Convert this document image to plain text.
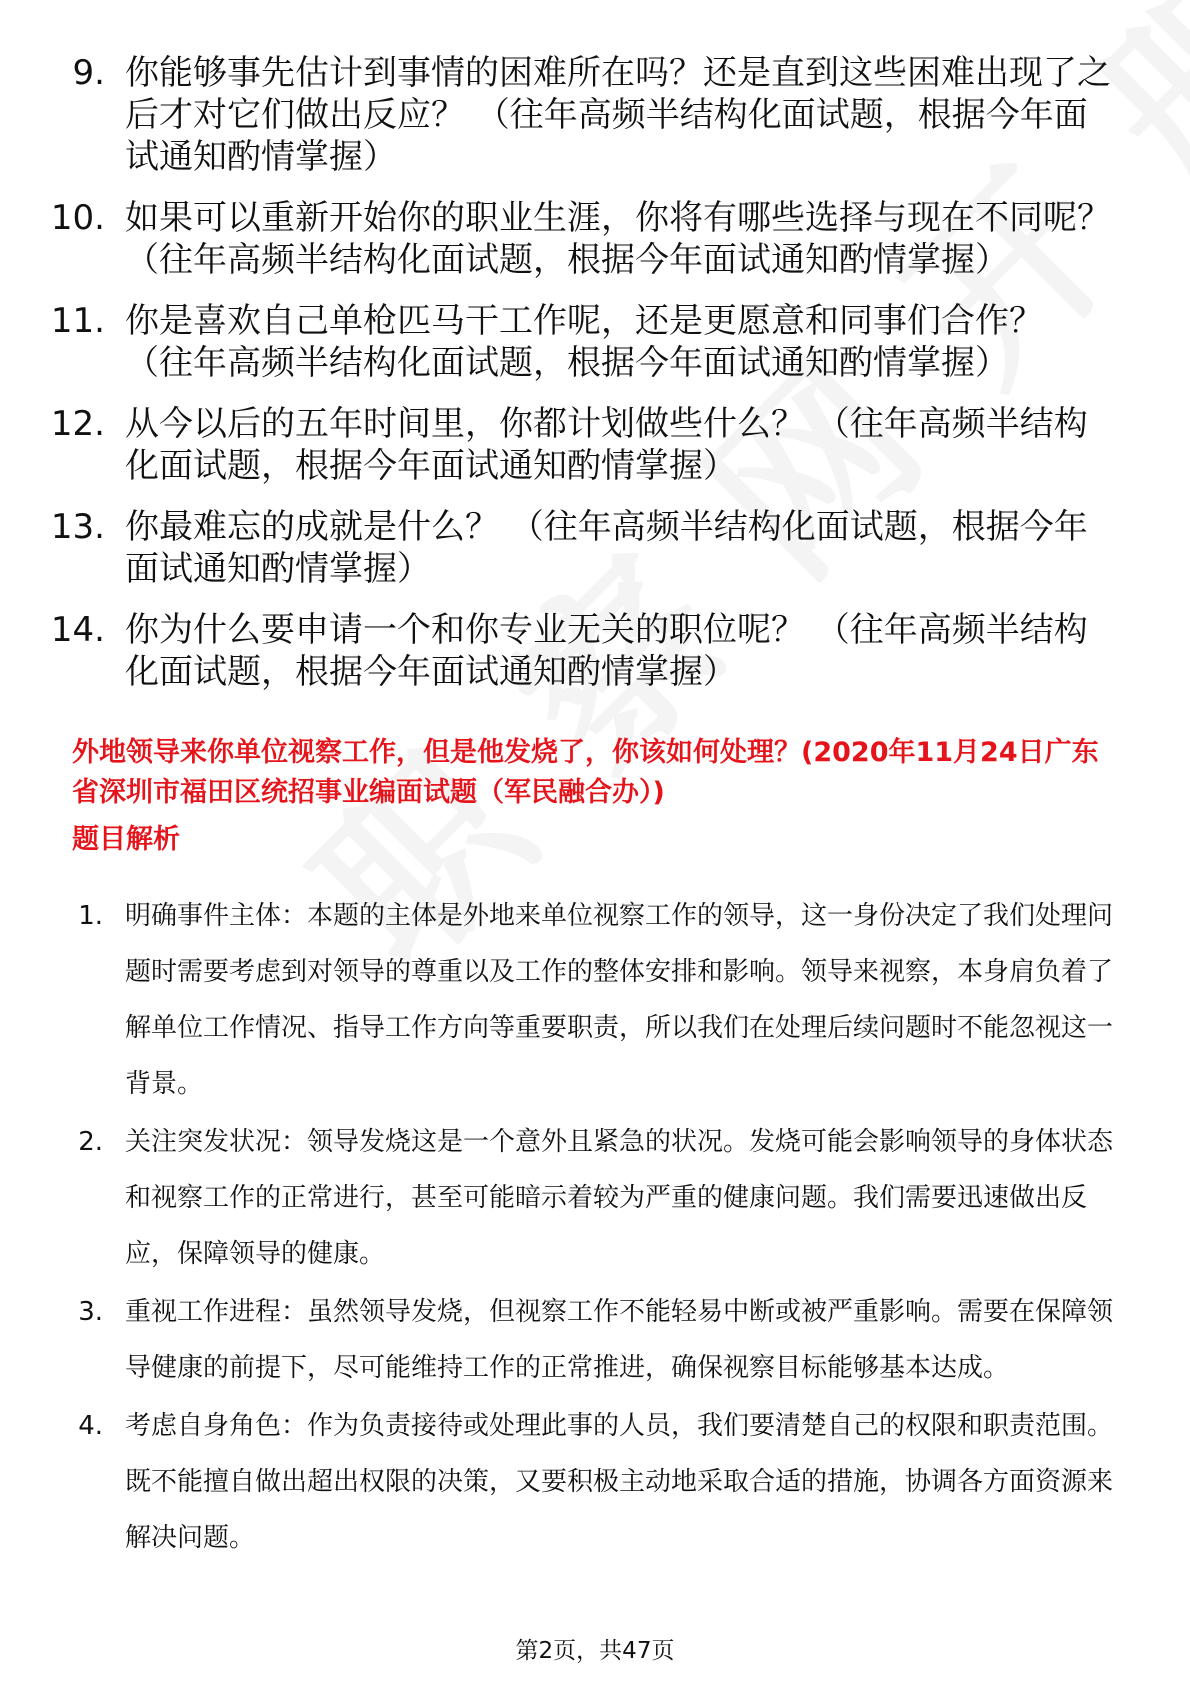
9. 你能够事先估计到事情的困难所在吗？还是直到这些困难出现了之后才对它们做出反应？ （往年高频半结构化面试题，根据今年面试通知酌情掌握）
10. 如果可以重新开始你的职业生涯，你将有哪些选择与现在不同呢？ （往年高频半结构化面试题，根据今年面试通知酌情掌握）
11. 你是喜欢自己单枪匹马干工作呢，还是更愿意和同事们合作？ （往年高频半结构化面试题，根据今年面试通知酌情掌握）
12. 从今以后的五年时间里，你都计划做些什么？ （往年高频半结构化面试题，根据今年面试通知酌情掌握）
13. 你最难忘的成就是什么？ （往年高频半结构化面试题，根据今年面试通知酌情掌握）
14. 你为什么要申请一个和你专业无关的职位呢？ （往年高频半结构化面试题，根据今年面试通知酌情掌握）
外地领导来你单位视察工作，但是他发烧了，你该如何处理？(2020年11月24日广东省深圳市福田区统招事业编面试题（军民融合办）)
题目解析
1. 明确事件主体：本题的主体是外地来单位视察工作的领导，这一身份决定了我们处理问题时需要考虑到对领导的尊重以及工作的整体安排和影响。领导来视察，本身肩负着了解单位工作情况、指导工作方向等重要职责，所以我们在处理后续问题时不能忽视这一背景。
2. 关注突发状况：领导发烧这是一个意外且紧急的状况。发烧可能会影响领导的身体状态和视察工作的正常进行，甚至可能暗示着较为严重的健康问题。我们需要迅速做出反应，保障领导的健康。
3. 重视工作进程：虽然领导发烧，但视察工作不能轻易中断或被严重影响。需要在保障领导健康的前提下，尽可能维持工作的正常推进，确保视察目标能够基本达成。
4. 考虑自身角色：作为负责接待或处理此事的人员，我们要清楚自己的权限和职责范围。既不能擅自做出超出权限的决策，又要积极主动地采取合适的措施，协调各方面资源来解决问题。
第2页，共47页
